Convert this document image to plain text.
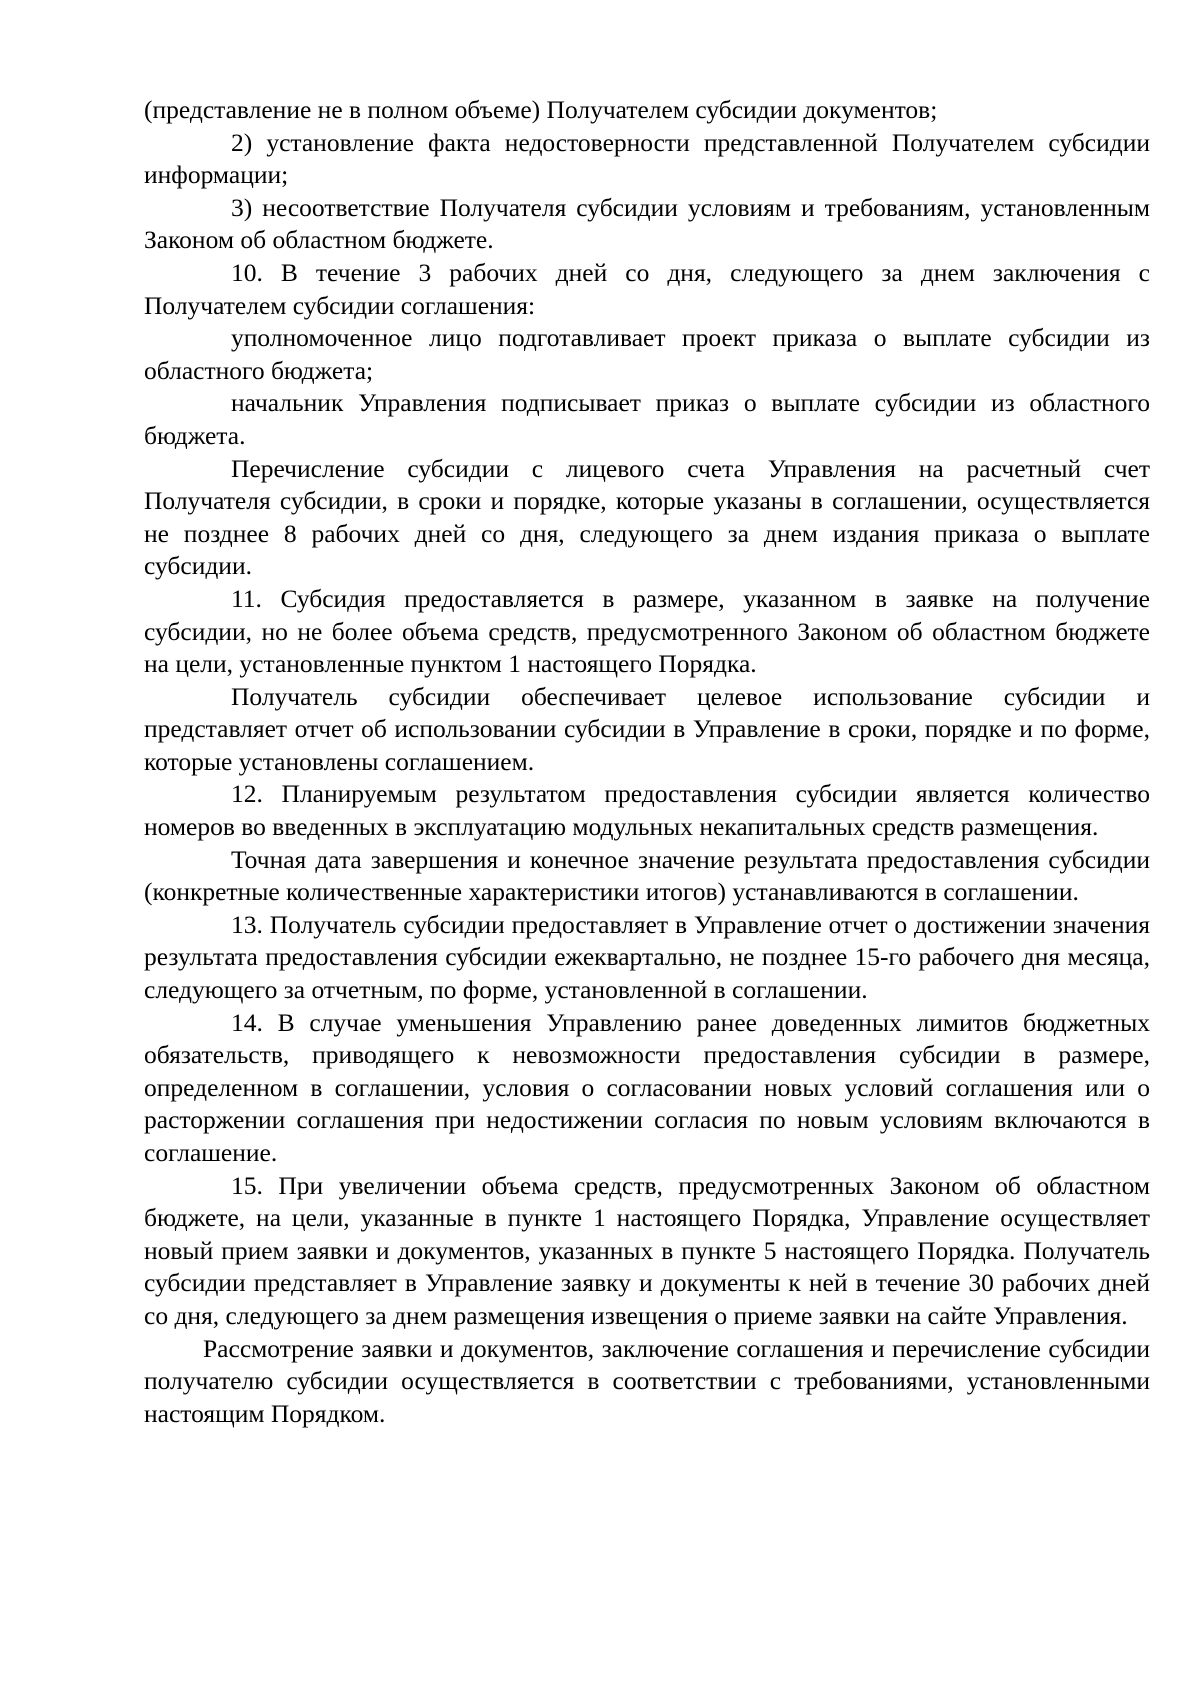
(представление не в полном объеме) Получателем субсидии документов;

2) установление факта недостоверности представленной Получателем субсидии информации;

3) несоответствие Получателя субсидии условиям и требованиям, установленным Законом об областном бюджете.

10. В течение 3 рабочих дней со дня, следующего за днем заключения с Получателем субсидии соглашения:

уполномоченное лицо подготавливает проект приказа о выплате субсидии из областного бюджета;

начальник Управления подписывает приказ о выплате субсидии из областного бюджета.

Перечисление субсидии с лицевого счета Управления на расчетный счет Получателя субсидии, в сроки и порядке, которые указаны в соглашении, осуществляется не позднее 8 рабочих дней со дня, следующего за днем издания приказа о выплате субсидии.

11. Субсидия предоставляется в размере, указанном в заявке на получение субсидии, но не более объема средств, предусмотренного Законом об областном бюджете на цели, установленные пунктом 1 настоящего Порядка.

Получатель субсидии обеспечивает целевое использование субсидии и представляет отчет об использовании субсидии в Управление в сроки, порядке и по форме, которые установлены соглашением.

12. Планируемым результатом предоставления субсидии является количество номеров во введенных в эксплуатацию модульных некапитальных средств размещения.

Точная дата завершения и конечное значение результата предоставления субсидии (конкретные количественные характеристики итогов) устанавливаются в соглашении.

13. Получатель субсидии предоставляет в Управление отчет о достижении значения результата предоставления субсидии ежеквартально, не позднее 15-го рабочего дня месяца, следующего за отчетным, по форме, установленной в соглашении.

14. В случае уменьшения Управлению ранее доведенных лимитов бюджетных обязательств, приводящего к невозможности предоставления субсидии в размере, определенном в соглашении, условия о согласовании новых условий соглашения или о расторжении соглашения при недостижении согласия по новым условиям включаются в соглашение.

15. При увеличении объема средств, предусмотренных Законом об областном бюджете, на цели, указанные в пункте 1 настоящего Порядка, Управление осуществляет новый прием заявки и документов, указанных в пункте 5 настоящего Порядка. Получатель субсидии представляет в Управление заявку и документы к ней в течение 30 рабочих дней со дня, следующего за днем размещения извещения о приеме заявки на сайте Управления.

Рассмотрение заявки и документов, заключение соглашения и перечисление субсидии получателю субсидии осуществляется в соответствии с требованиями, установленными настоящим Порядком.
